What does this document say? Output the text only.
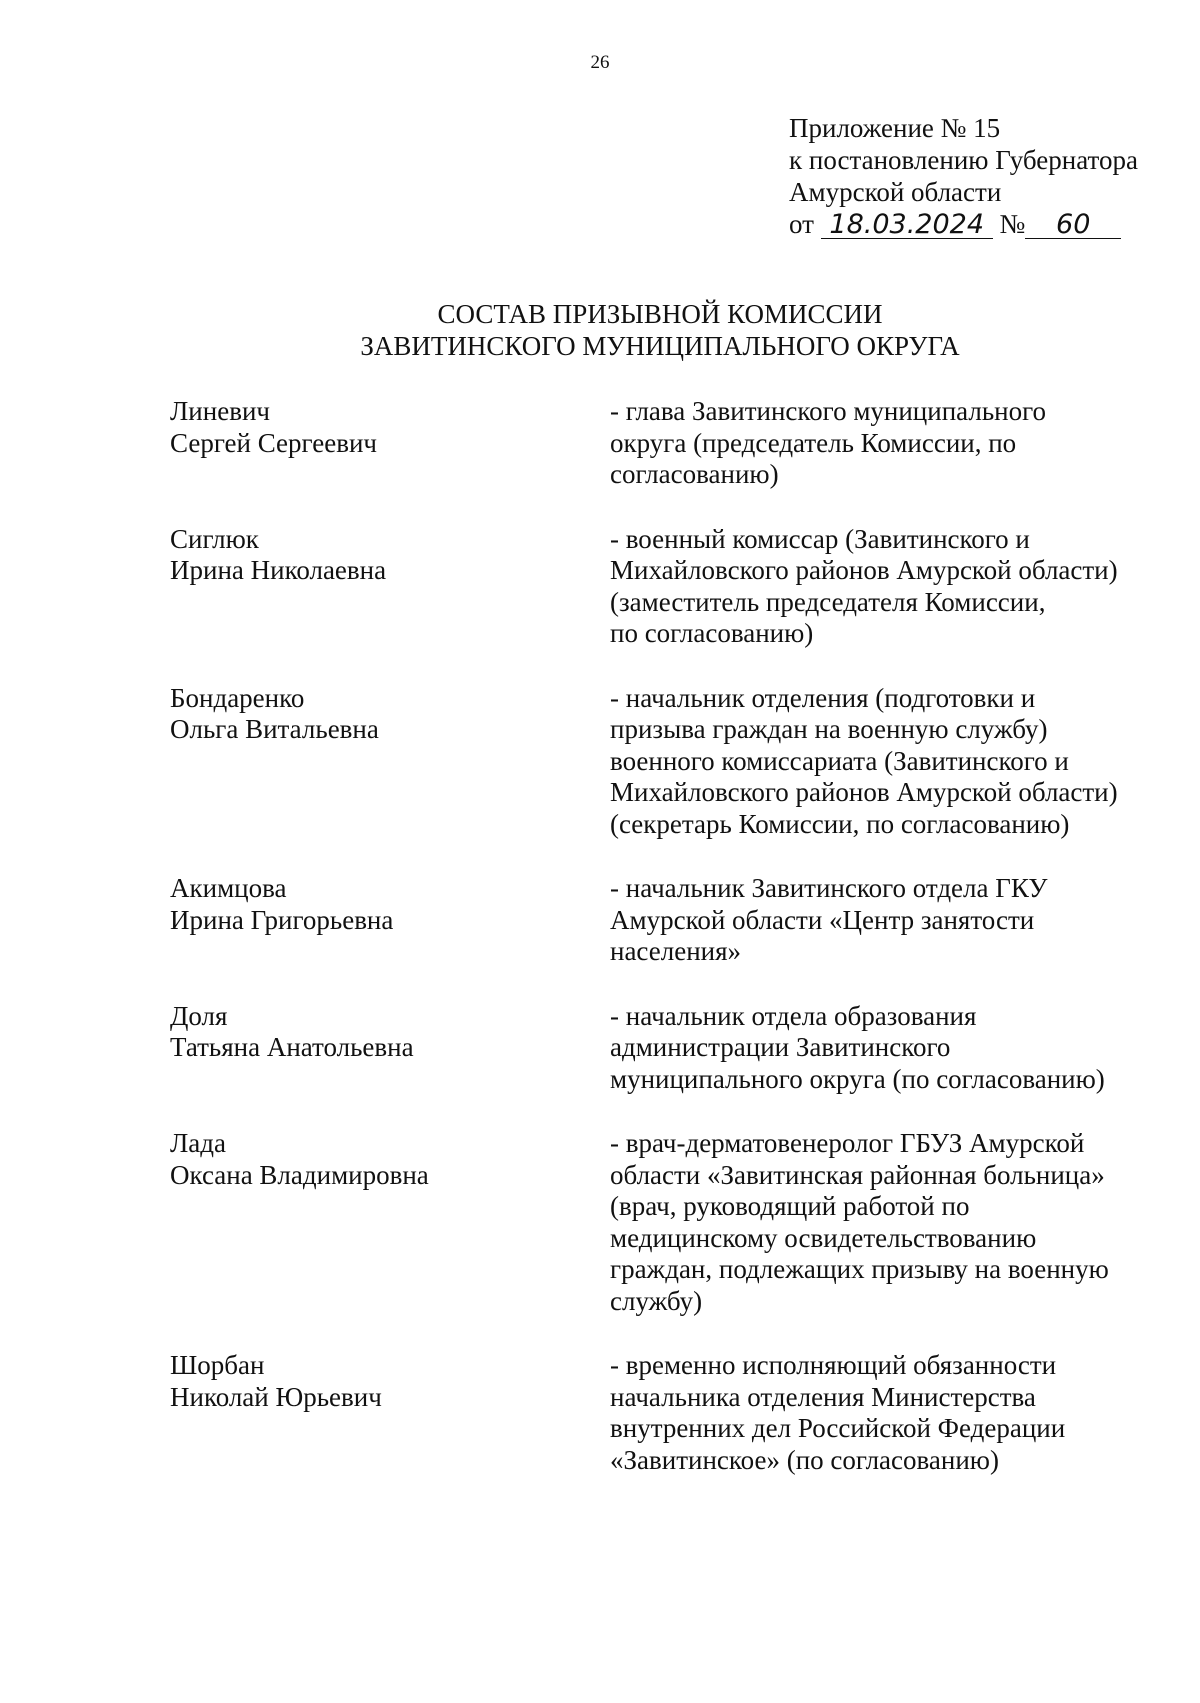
26
Приложение № 15
к постановлению Губернатора
Амурской области
от 18.03.2024 № 60
СОСТАВ ПРИЗЫВНОЙ КОМИССИИ
ЗАВИТИНСКОГО МУНИЦИПАЛЬНОГО ОКРУГА
Линевич
Сергей Сергеевич
- глава Завитинского муниципального
округа (председатель Комиссии, по
согласованию)
Сиглюк
Ирина Николаевна
- военный комиссар (Завитинского и
Михайловского районов Амурской области)
(заместитель председателя Комиссии,
по согласованию)
Бондаренко
Ольга Витальевна
- начальник отделения (подготовки и
призыва граждан на военную службу)
военного комиссариата (Завитинского и
Михайловского районов Амурской области)
(секретарь Комиссии, по согласованию)
Акимцова
Ирина Григорьевна
- начальник Завитинского отдела ГКУ
Амурской области «Центр занятости
населения»
Доля
Татьяна Анатольевна
- начальник отдела образования
администрации Завитинского
муниципального округа (по согласованию)
Лада
Оксана Владимировна
- врач-дерматовенеролог ГБУЗ Амурской
области «Завитинская районная больница»
(врач, руководящий работой по
медицинскому освидетельствованию
граждан, подлежащих призыву на военную
службу)
Шорбан
Николай Юрьевич
- временно исполняющий обязанности
начальника отделения Министерства
внутренних дел Российской Федерации
«Завитинское» (по согласованию)
